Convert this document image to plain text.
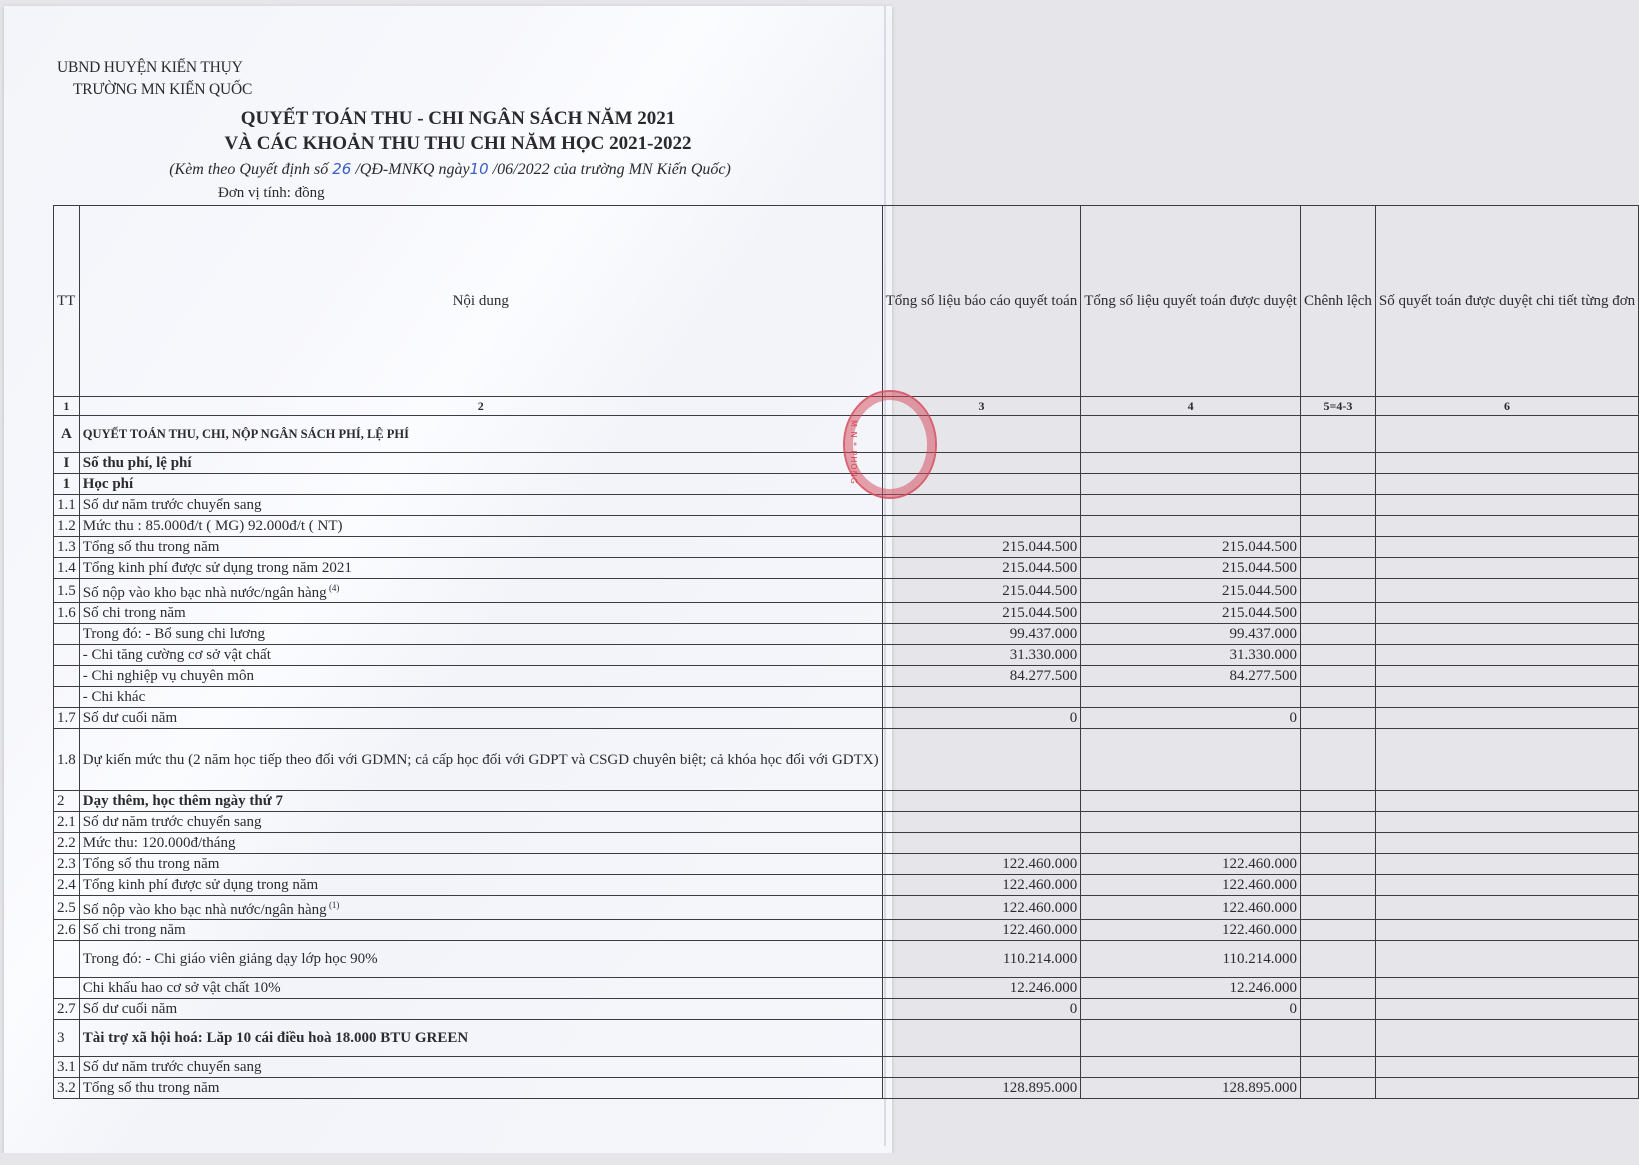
UBND HUYỆN KIẾN THỤY
TRƯỜNG MN KIẾN QUỐC
QUYẾT TOÁN THU - CHI NGÂN SÁCH NĂM 2021
VÀ CÁC KHOẢN THU THU CHI NĂM HỌC 2021-2022
(Kèm theo Quyết định số 26 /QĐ-MNKQ ngày10 /06/2022 của trường MN Kiến Quốc)
Đơn vị tính: đồng
TT	Nội dung	Tổng số liệu báo cáo quyết toán	Tổng số liệu quyết toán được duyệt	Chênh lệch	Số quyết toán được duyệt chi tiết từng đơn
1	2	3	4	5=4-3	6
A	QUYẾT TOÁN THU, CHI, NỘP NGÂN SÁCH PHÍ, LỆ PHÍ				
I	Số thu phí, lệ phí				
1	Học phí				
1.1	Số dư năm trước chuyển sang				
1.2	Mức thu : 85.000đ/t ( MG) 92.000đ/t ( NT)				
1.3	Tổng số thu trong năm	215.044.500	215.044.500		
1.4	Tổng kinh phí được sử dụng trong năm 2021	215.044.500	215.044.500		
1.5	Số nộp vào kho bạc nhà nước/ngân hàng $^{(4)}$	215.044.500	215.044.500		
1.6	Số chi trong năm	215.044.500	215.044.500		
	Trong đó: - Bổ sung chi lương	99.437.000	99.437.000		
	- Chi tăng cường cơ sở vật chất	31.330.000	31.330.000		
	- Chi nghiệp vụ chuyên môn	84.277.500	84.277.500		
	- Chi khác				
1.7	Số dư cuối năm	0	0		
1.8	Dự kiến mức thu (2 năm học tiếp theo đối với GDMN; cả cấp học đối với GDPT và CSGD chuyên biệt; cả khóa học đối với GDTX)				
2	Dạy thêm, học thêm ngày thứ 7				
2.1	Số dư năm trước chuyển sang				
2.2	Mức thu: 120.000đ/tháng				
2.3	Tổng số thu trong năm	122.460.000	122.460.000		
2.4	Tổng kinh phí được sử dụng trong năm	122.460.000	122.460.000		
2.5	Số nộp vào kho bạc nhà nước/ngân hàng $^{(1)}$	122.460.000	122.460.000		
2.6	Số chi trong năm	122.460.000	122.460.000		
	Trong đó: - Chi giáo viên giảng dạy lớp học 90%	110.214.000	110.214.000		
	Chi khấu hao cơ sở vật chất 10%	12.246.000	12.246.000		
2.7	Số dư cuối năm	0	0		
3	Tài trợ xã hội hoá: Lăp 10 cái điều hoà 18.000 BTU GREEN				
3.1	Số dư năm trước chuyển sang				
3.2	Tổng số thu trong năm	128.895.000	128.895.000		
M.N * PHONG
